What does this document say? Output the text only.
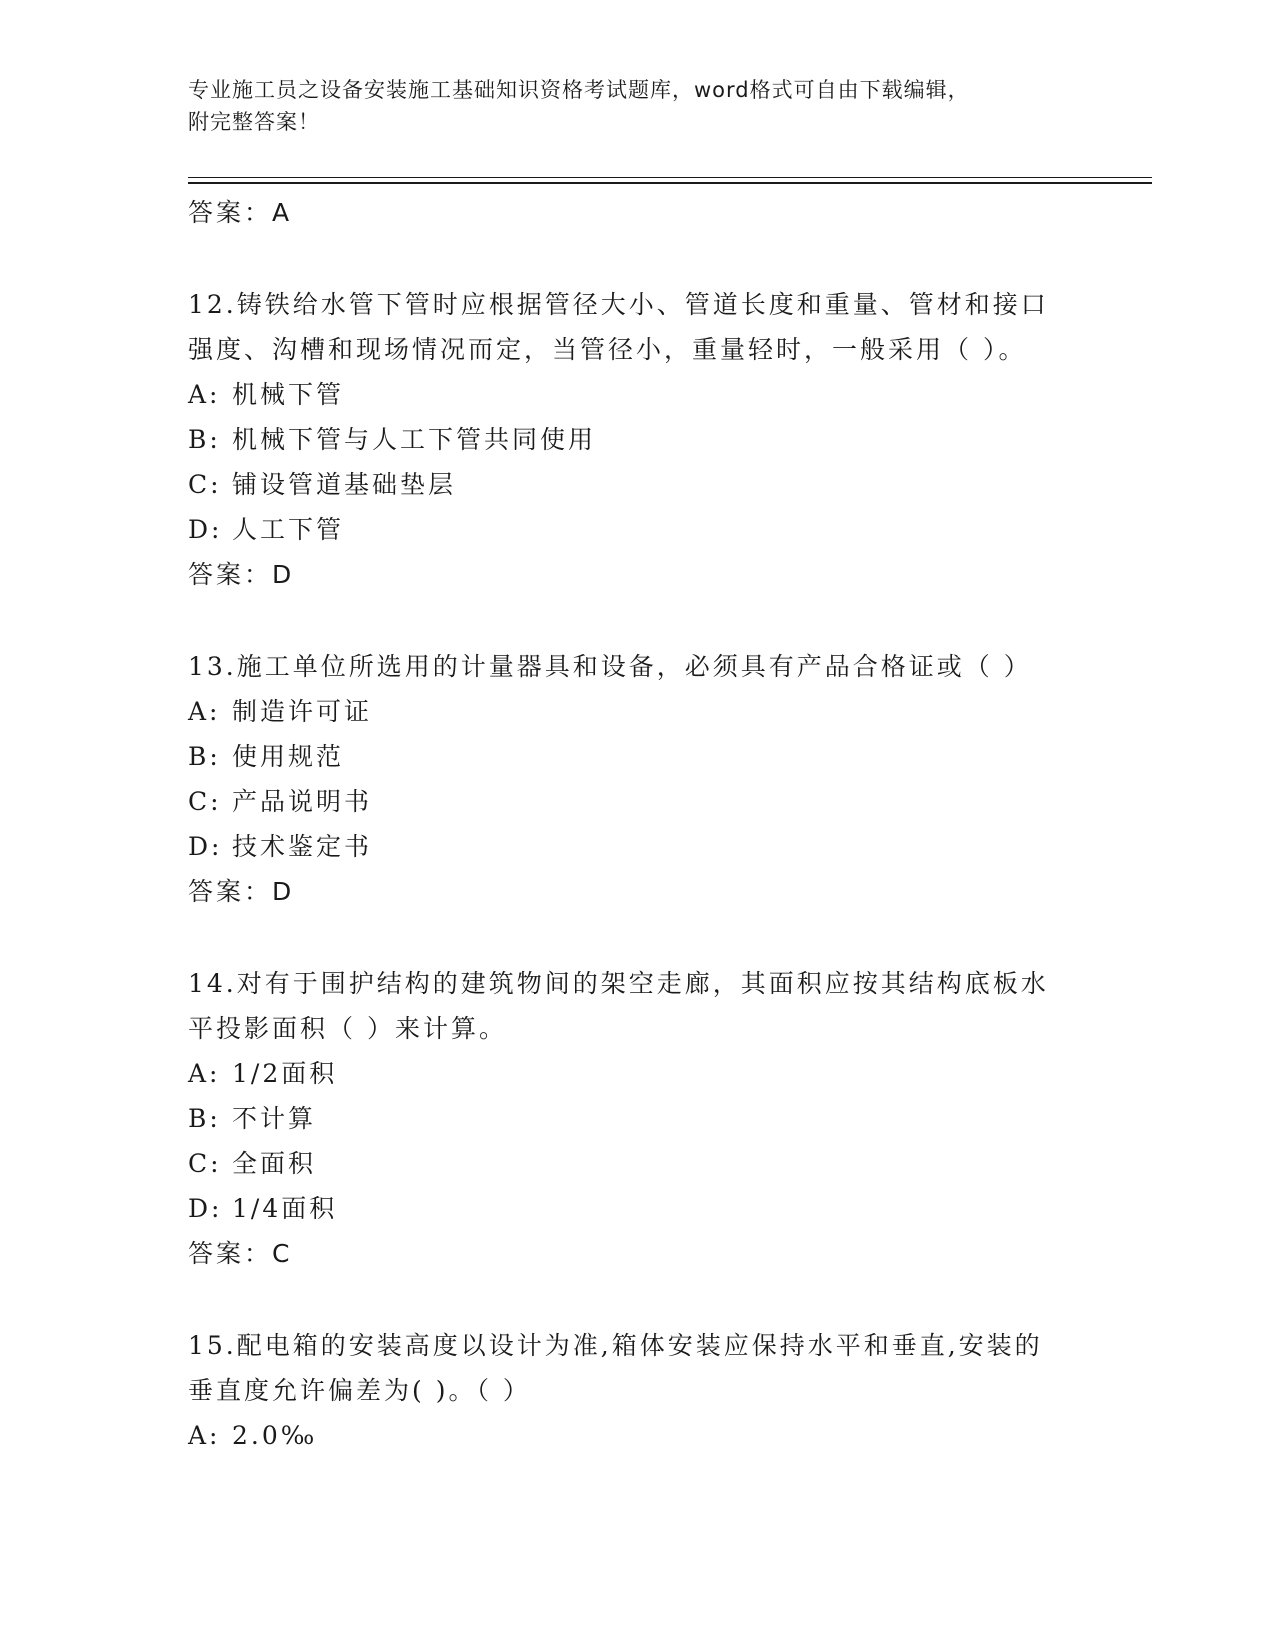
专业施工员之设备安装施工基础知识资格考试题库，word格式可自由下载编辑，
附完整答案！
答案：A
12.铸铁给水管下管时应根据管径大小、管道长度和重量、管材和接口
强度、沟槽和现场情况而定，当管径小，重量轻时，一般采用（ ）。
A: 机械下管
B: 机械下管与人工下管共同使用
C: 铺设管道基础垫层
D: 人工下管
答案：D
13.施工单位所选用的计量器具和设备，必须具有产品合格证或（ ）
A: 制造许可证
B: 使用规范
C: 产品说明书
D: 技术鉴定书
答案：D
14.对有于围护结构的建筑物间的架空走廊，其面积应按其结构底板水
平投影面积（ ）来计算。
A: 1/2面积
B: 不计算
C: 全面积
D: 1/4面积
答案：C
15.配电箱的安装高度以设计为准,箱体安装应保持水平和垂直,安装的
垂直度允许偏差为( )。（ ）
A: 2.0‰
